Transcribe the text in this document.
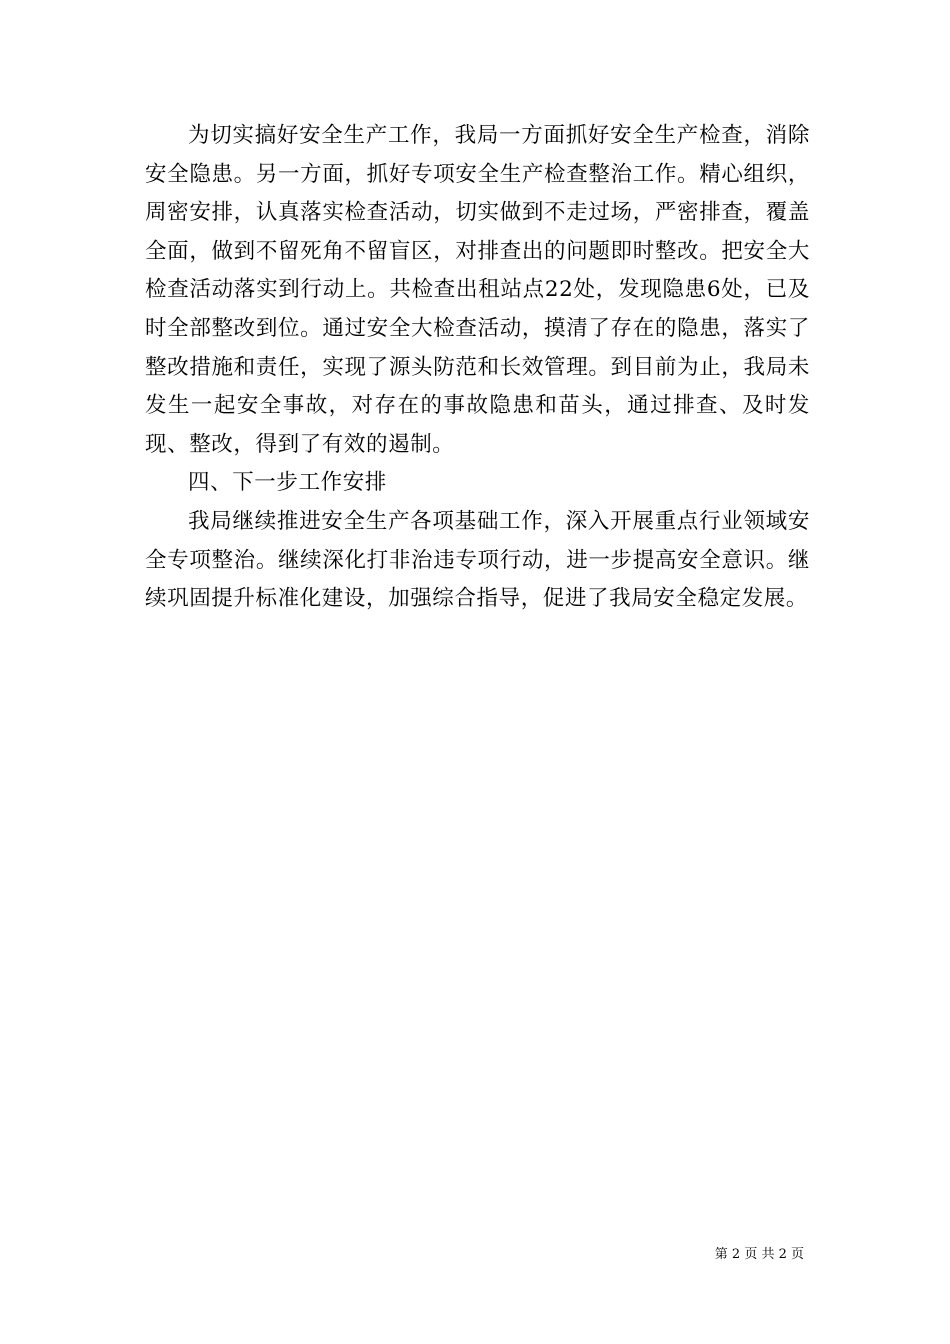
为切实搞好安全生产工作，我局一方面抓好安全生产检查，消除安全隐患。另一方面，抓好专项安全生产检查整治工作。精心组织，周密安排，认真落实检查活动，切实做到不走过场，严密排查，覆盖全面，做到不留死角不留盲区，对排查出的问题即时整改。把安全大检查活动落实到行动上。共检查出租站点22处，发现隐患6处，已及时全部整改到位。通过安全大检查活动，摸清了存在的隐患，落实了整改措施和责任，实现了源头防范和长效管理。到目前为止，我局未发生一起安全事故，对存在的事故隐患和苗头，通过排查、及时发现、整改，得到了有效的遏制。

四、下一步工作安排

我局继续推进安全生产各项基础工作，深入开展重点行业领域安全专项整治。继续深化打非治违专项行动，进一步提高安全意识。继续巩固提升标准化建设，加强综合指导，促进了我局安全稳定发展。

第 2 页 共 2 页
